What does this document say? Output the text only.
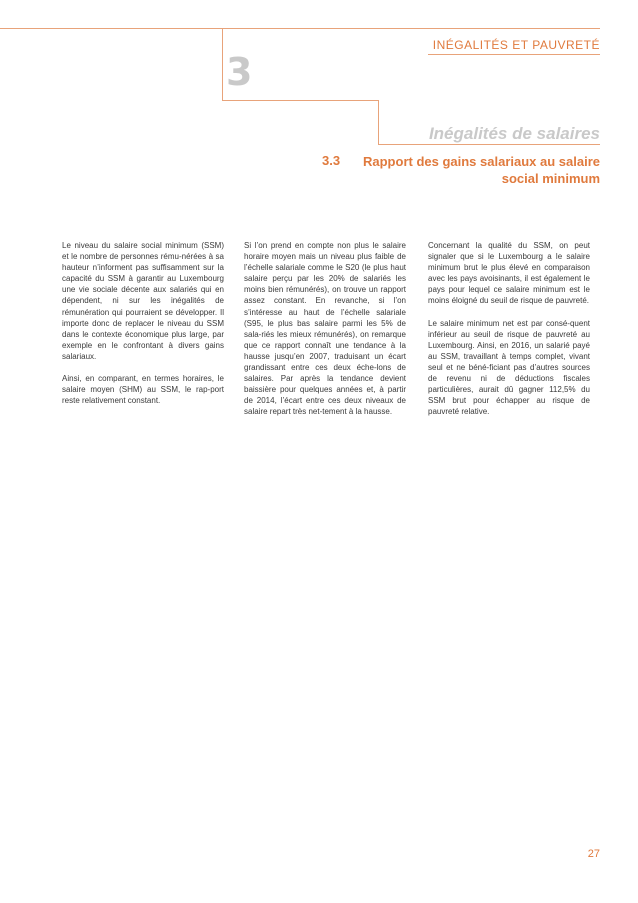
INÉGALITÉS ET PAUVRETÉ
3
Inégalités de salaires
3.3	Rapport des gains salariaux au salaire social minimum

Le niveau du salaire social minimum (SSM) et le nombre de personnes rému-nérées à sa hauteur n’informent pas suffisamment sur la capacité du SSM à garantir au Luxembourg une vie sociale décente aux salariés qui en dépendent, ni sur les inégalités de rémunération qui pourraient se développer. Il importe donc de replacer le niveau du SSM dans le contexte économique plus large, par exemple en le confrontant à divers gains salariaux.

Ainsi, en comparant, en termes horaires, le salaire moyen (SHM) au SSM, le rap-port reste relativement constant.

Si l’on prend en compte non plus le salaire horaire moyen mais un niveau plus faible de l’échelle salariale comme le S20 (le plus haut salaire perçu par les 20% de salariés les moins bien rémunérés), on trouve un rapport assez constant. En revanche, si l’on s’intéresse au haut de l’échelle salariale (S95, le plus bas salaire parmi les 5% de sala-riés les mieux rémunérés), on remarque que ce rapport connaît une tendance à la hausse jusqu’en 2007, traduisant un écart grandissant entre ces deux éche-lons de salaires. Par après la tendance devient baissière pour quelques années et, à partir de 2014, l’écart entre ces deux niveaux de salaire repart très net-tement à la hausse.

Concernant la qualité du SSM, on peut signaler que si le Luxembourg a le salaire minimum brut le plus élevé en comparaison avec les pays avoisinants, il est également le pays pour lequel ce salaire minimum est le moins éloigné du seuil de risque de pauvreté.

Le salaire minimum net est par consé-quent inférieur au seuil de risque de pauvreté au Luxembourg. Ainsi, en 2016, un salarié payé au SSM, travaillant à temps complet, vivant seul et ne béné-ficiant pas d’autres sources de revenu ni de déductions fiscales particulières, aurait dû gagner 112,5% du SSM brut pour échapper au risque de pauvreté relative.

27
